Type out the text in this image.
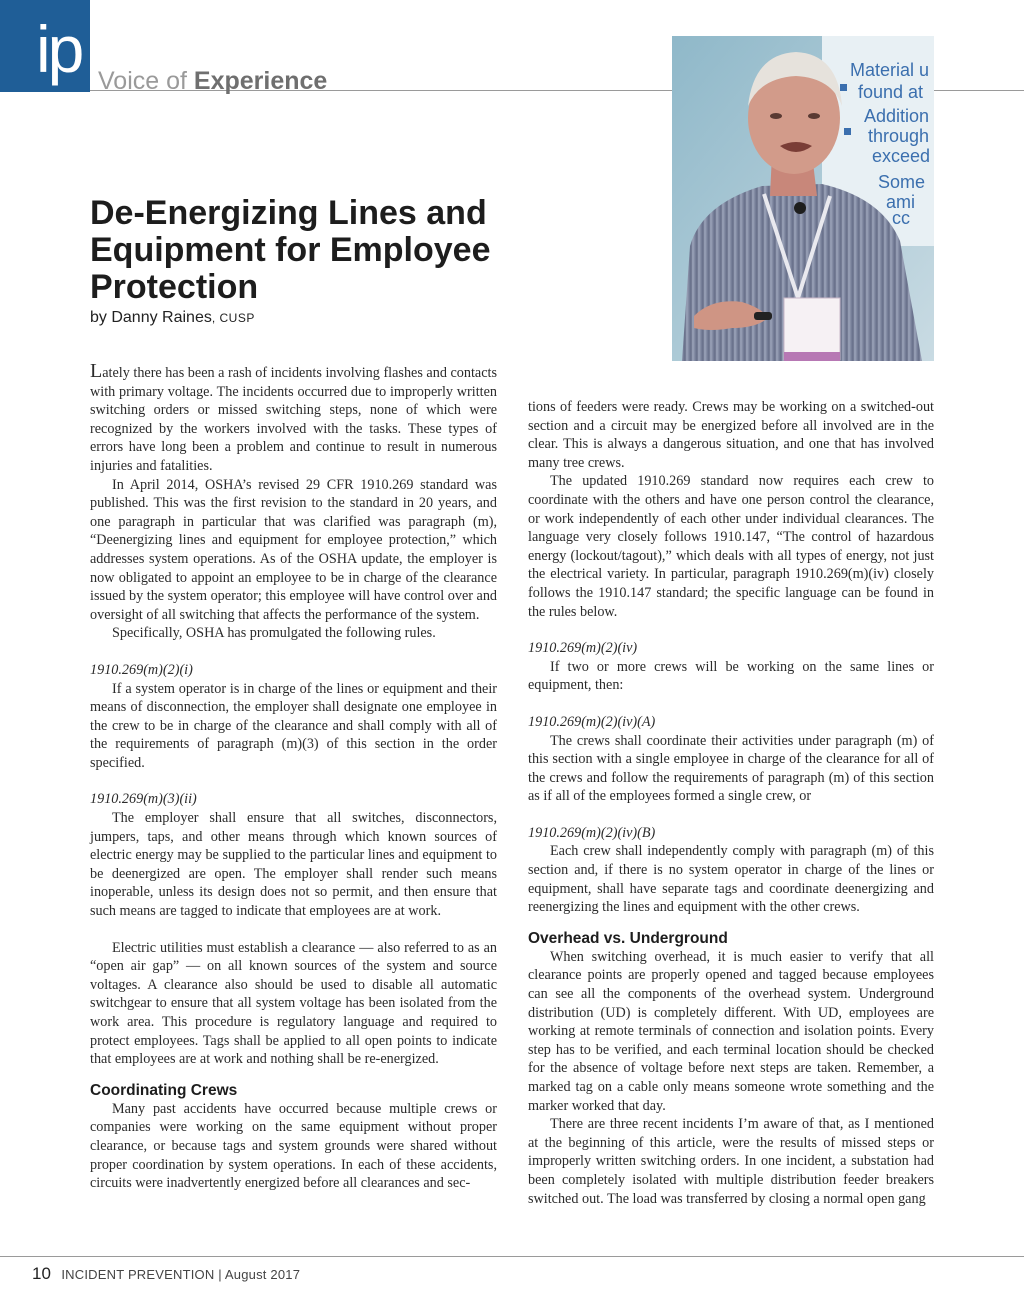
ip Voice of Experience
De-Energizing Lines and Equipment for Employee Protection
by Danny Raines, CUSP
Material u
found at
Addition
through
exceed
Some
ami
cc

Lately there has been a rash of incidents involving flashes and contacts with primary voltage. The incidents occurred due to improperly written switching orders or missed switching steps, none of which were recognized by the workers involved with the tasks. These types of errors have long been a problem and continue to result in numerous injuries and fatalities.

In April 2014, OSHA’s revised 29 CFR 1910.269 standard was published. This was the first revision to the standard in 20 years, and one paragraph in particular that was clarified was paragraph (m), “Deenergizing lines and equipment for employee protection,” which addresses system operations. As of the OSHA update, the employer is now obligated to appoint an employee to be in charge of the clearance issued by the system operator; this employee will have control over and oversight of all switching that affects the performance of the system.

Specifically, OSHA has promulgated the following rules.

1910.269(m)(2)(i)

If a system operator is in charge of the lines or equipment and their means of disconnection, the employer shall designate one employee in the crew to be in charge of the clearance and shall comply with all of the requirements of paragraph (m)(3) of this section in the order specified.

1910.269(m)(3)(ii)

The employer shall ensure that all switches, disconnectors, jumpers, taps, and other means through which known sources of electric energy may be supplied to the particular lines and equipment to be deenergized are open. The employer shall render such means inoperable, unless its design does not so permit, and then ensure that such means are tagged to indicate that employees are at work.

Electric utilities must establish a clearance — also referred to as an “open air gap” — on all known sources of the system and source voltages. A clearance also should be used to disable all automatic switchgear to ensure that all system voltage has been isolated from the work area. This procedure is regulatory language and required to protect employees. Tags shall be applied to all open points to indicate that employees are at work and nothing shall be re-energized.

Coordinating Crews

Many past accidents have occurred because multiple crews or companies were working on the same equipment without proper clearance, or because tags and system grounds were shared without proper coordination by system operations. In each of these accidents, circuits were inadvertently energized before all clearances and sec-

tions of feeders were ready. Crews may be working on a switched-out section and a circuit may be energized before all involved are in the clear. This is always a dangerous situation, and one that has involved many tree crews.

The updated 1910.269 standard now requires each crew to coordinate with the others and have one person control the clearance, or work independently of each other under individual clearances. The language very closely follows 1910.147, “The control of hazardous energy (lockout/tagout),” which deals with all types of energy, not just the electrical variety. In particular, paragraph 1910.269(m)(iv) closely follows the 1910.147 standard; the specific language can be found in the rules below.

1910.269(m)(2)(iv)

If two or more crews will be working on the same lines or equipment, then:

1910.269(m)(2)(iv)(A)

The crews shall coordinate their activities under paragraph (m) of this section with a single employee in charge of the clearance for all of the crews and follow the requirements of paragraph (m) of this section as if all of the employees formed a single crew, or

1910.269(m)(2)(iv)(B)

Each crew shall independently comply with paragraph (m) of this section and, if there is no system operator in charge of the lines or equipment, shall have separate tags and coordinate deenergizing and reenergizing the lines and equipment with the other crews.

Overhead vs. Underground

When switching overhead, it is much easier to verify that all clearance points are properly opened and tagged because employees can see all the components of the overhead system. Underground distribution (UD) is completely different. With UD, employees are working at remote terminals of connection and isolation points. Every step has to be verified, and each terminal location should be checked for the absence of voltage before next steps are taken. Remember, a marked tag on a cable only means someone wrote something and the marker worked that day.

There are three recent incidents I’m aware of that, as I mentioned at the beginning of this article, were the results of missed steps or improperly written switching orders. In one incident, a substation had been completely isolated with multiple distribution feeder breakers switched out. The load was transferred by closing a normal open gang

10 INCIDENT PREVENTION | August 2017
